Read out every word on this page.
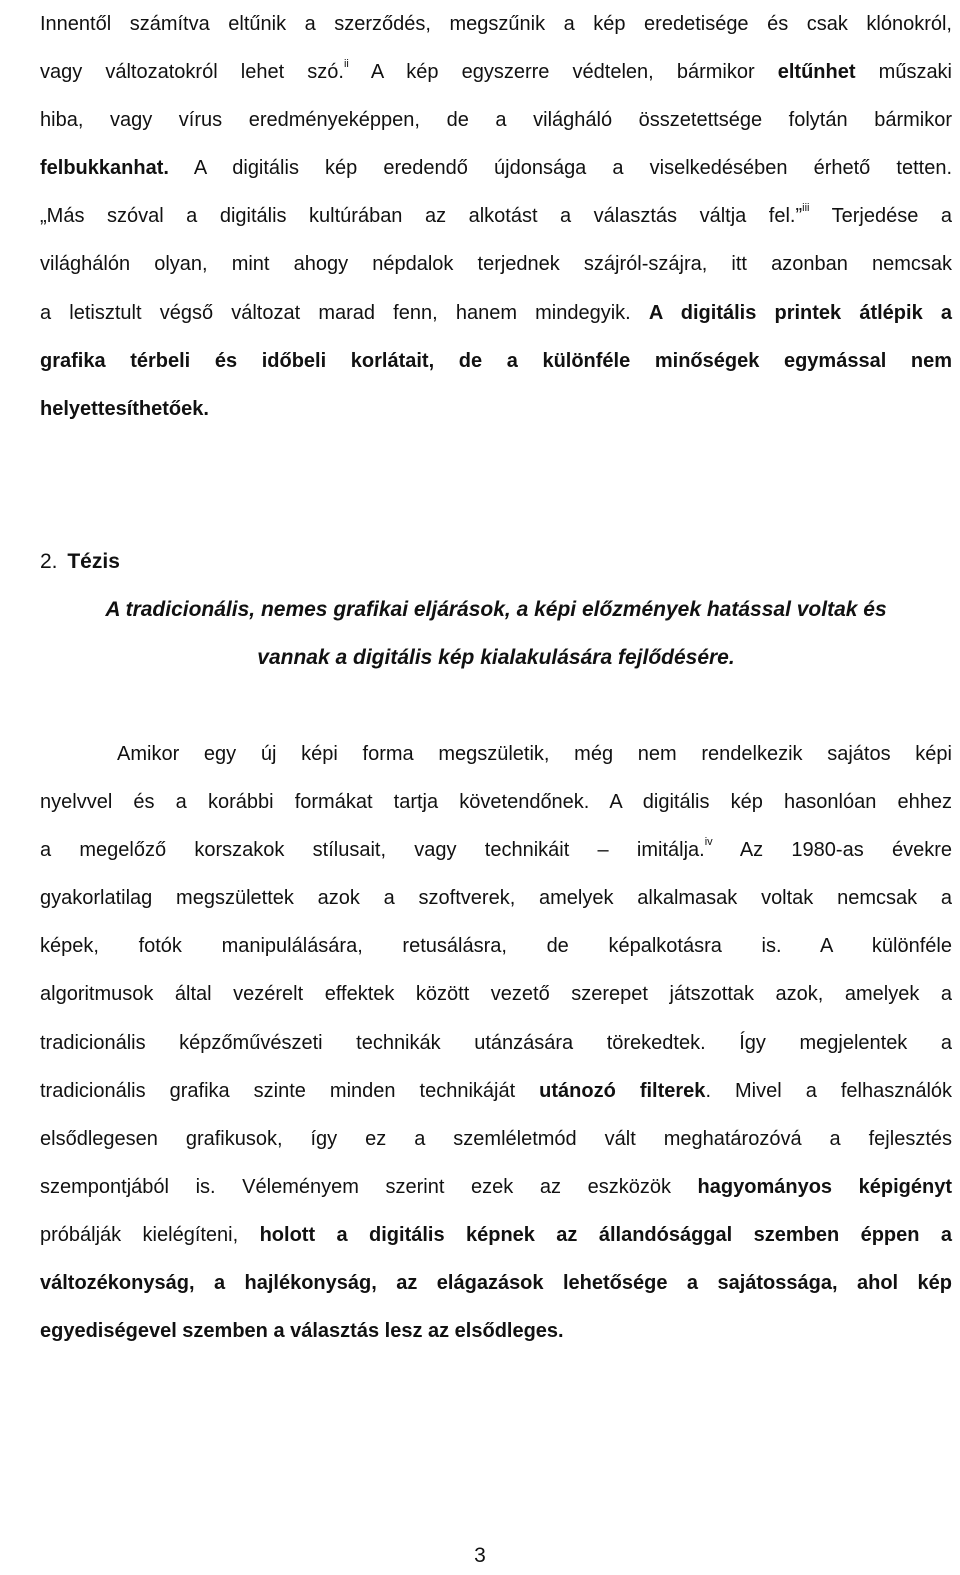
Innentől számítva eltűnik a szerződés, megszűnik a kép eredetisége és csak klónokról,
vagy változatokról lehet szó.$^{ii}$ A kép egyszerre védtelen, bármikor eltűnhet műszaki
hiba, vagy vírus eredményeképpen, de a világháló összetettsége folytán bármikor
felbukkanhat. A digitális kép eredendő újdonsága a viselkedésében érhető tetten.
„Más szóval a digitális kultúrában az alkotást a választás váltja fel.”$^{iii}$ Terjedése a
világhálón olyan, mint ahogy népdalok terjednek szájról-szájra, itt azonban nemcsak
a letisztult végső változat marad fenn, hanem mindegyik. A digitális printek átlépik a
grafika térbeli és időbeli korlátait, de a különféle minőségek egymással nem
helyettesíthetőek.
2. Tézis
A tradicionális, nemes grafikai eljárások, a képi előzmények hatással voltak és
vannak a digitális kép kialakulására fejlődésére.
Amikor egy új képi forma megszületik, még nem rendelkezik sajátos képi
nyelvvel és a korábbi formákat tartja követendőnek. A digitális kép hasonlóan ehhez
a megelőző korszakok stílusait, vagy technikáit – imitálja.$^{iv}$ Az 1980-as évekre
gyakorlatilag megszülettek azok a szoftverek, amelyek alkalmasak voltak nemcsak a
képek, fotók manipulálására, retusálásra, de képalkotásra is. A különféle
algoritmusok által vezérelt effektek között vezető szerepet játszottak azok, amelyek a
tradicionális képzőművészeti technikák utánzására törekedtek. Így megjelentek a
tradicionális grafika szinte minden technikáját utánozó filterek. Mivel a felhasználók
elsődlegesen grafikusok, így ez a szemléletmód vált meghatározóvá a fejlesztés
szempontjából is. Véleményem szerint ezek az eszközök hagyományos képigényt
próbálják kielégíteni, holott a digitális képnek az állandósággal szemben éppen a
változékonyság, a hajlékonyság, az elágazások lehetősége a sajátossága, ahol kép
egyediségevel szemben a választás lesz az elsődleges.
3
